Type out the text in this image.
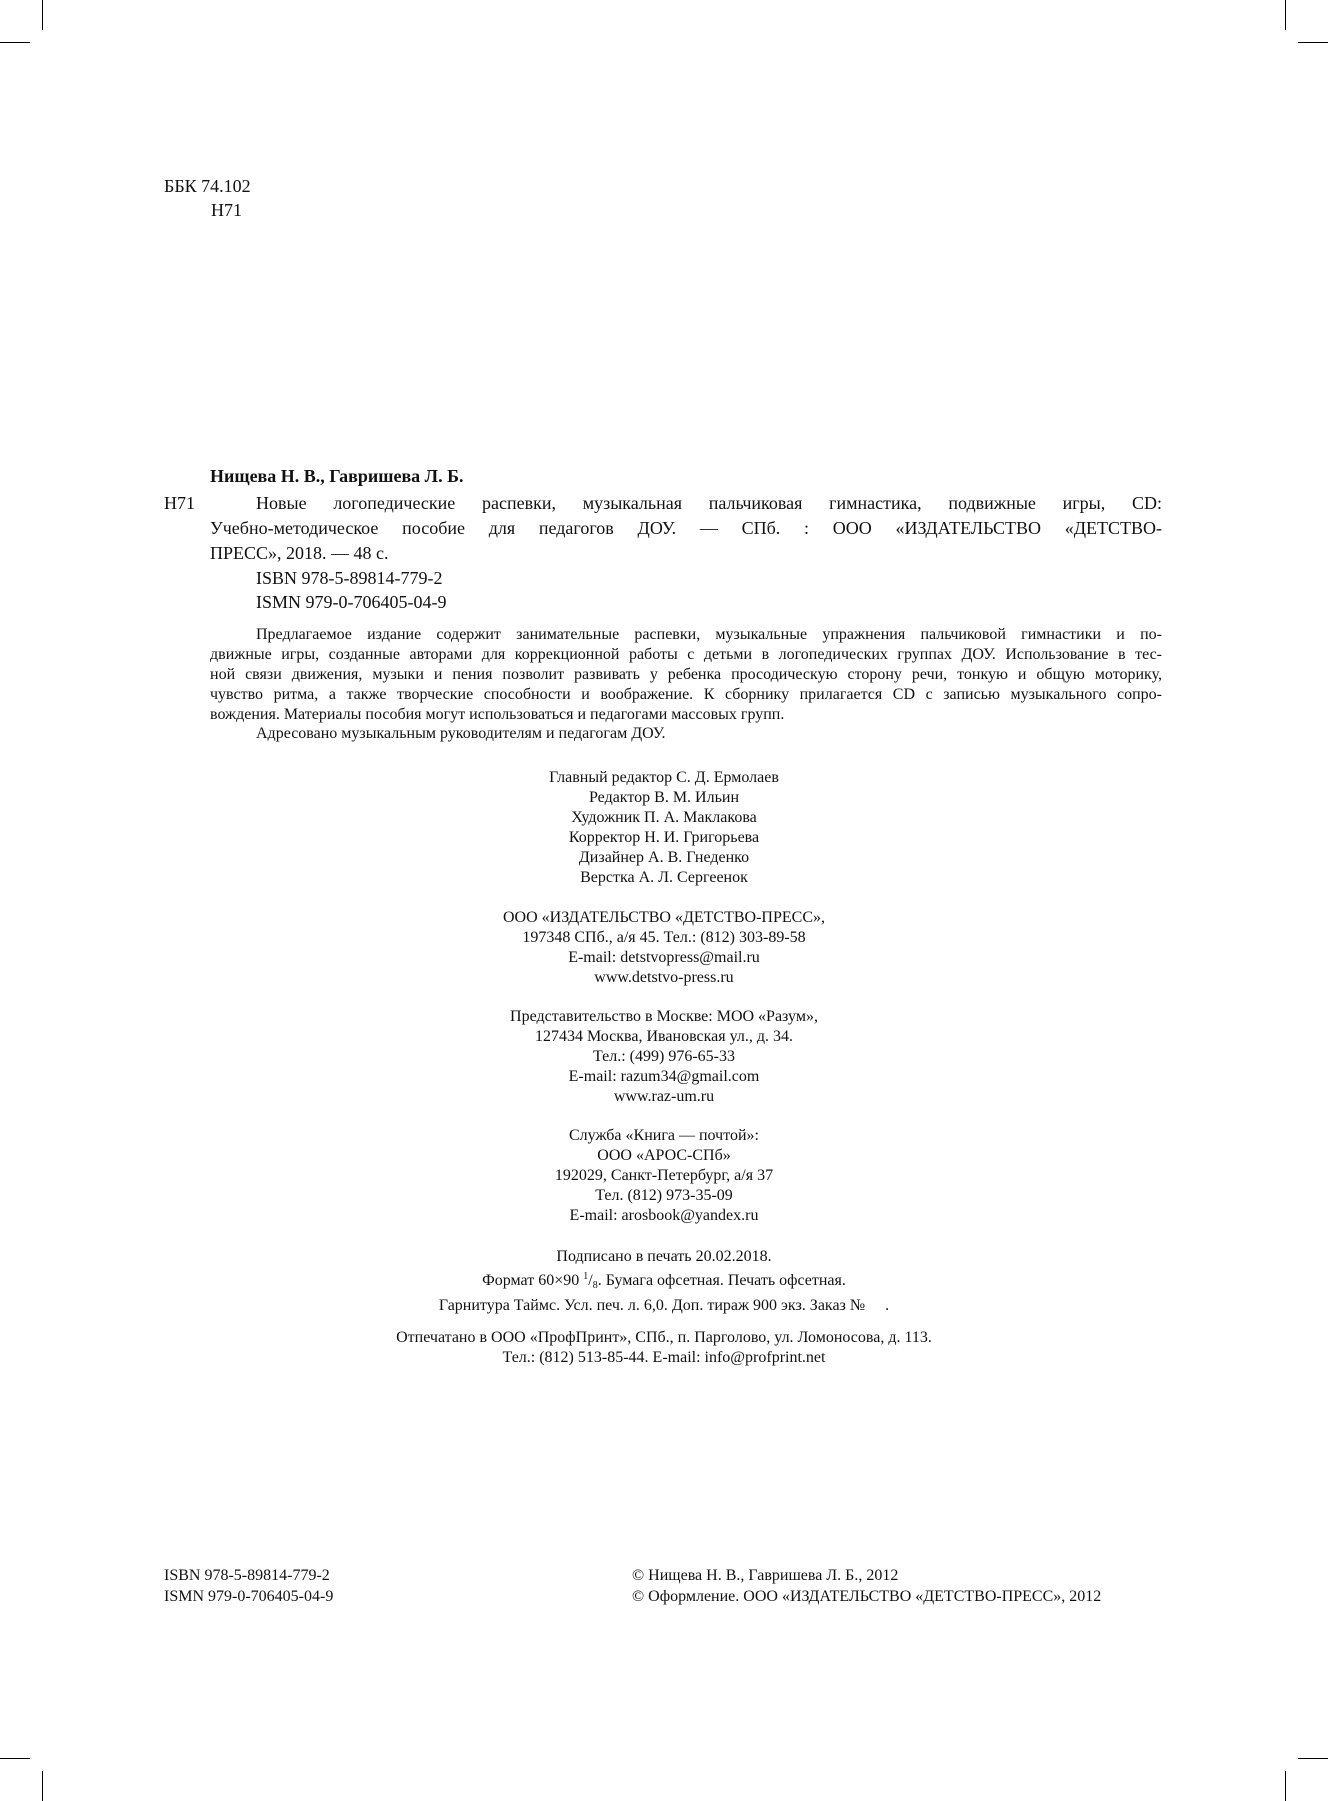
ББК 74.102
Н71
Нищева Н. В., Гавришева Л. Б.
Н71	Новые логопедические распевки, музыкальная пальчиковая гимнастика, подвижные игры, CD:
Учебно-методическое пособие для педагогов ДОУ. — СПб. : ООО «ИЗДАТЕЛЬСТВО «ДЕТСТВО-
ПРЕСС», 2018. — 48 с.
ISBN 978-5-89814-779-2
ISMN 979-0-706405-04-9
Предлагаемое издание содержит занимательные распевки, музыкальные упражнения пальчиковой гимнастики и по-
движные игры, созданные авторами для коррекционной работы с детьми в логопедических группах ДОУ. Использование в тес-
ной связи движения, музыки и пения позволит развивать у ребенка просодическую сторону речи, тонкую и общую моторику,
чувство ритма, а также творческие способности и воображение. К сборнику прилагается CD с записью музыкального сопро-
вождения. Материалы пособия могут использоваться и педагогами массовых групп.
Адресовано музыкальным руководителям и педагогам ДОУ.
Главный редактор С. Д. Ермолаев
Редактор В. М. Ильин
Художник П. А. Маклакова
Корректор Н. И. Григорьева
Дизайнер А. В. Гнеденко
Верстка А. Л. Сергеенок
ООО «ИЗДАТЕЛЬСТВО «ДЕТСТВО-ПРЕСС»,
197348 СПб., а/я 45. Тел.: (812) 303-89-58
E-mail: detstvopress@mail.ru
www.detstvo-press.ru
Представительство в Москве: МОО «Разум»,
127434 Москва, Ивановская ул., д. 34.
Тел.: (499) 976-65-33
E-mail: razum34@gmail.com
www.raz-um.ru
Служба «Книга — почтой»:
ООО «АРОС-СПб»
192029, Санкт-Петербург, а/я 37
Тел. (812) 973-35-09
E-mail: arosbook@yandex.ru
Подписано в печать 20.02.2018.
Формат 60×90 $^1/_8$. Бумага офсетная. Печать офсетная.
Гарнитура Таймс. Усл. печ. л. 6,0. Доп. тираж 900 экз. Заказ №     .
Отпечатано в ООО «ПрофПринт», СПб., п. Парголово, ул. Ломоносова, д. 113.
Тел.: (812) 513-85-44. E-mail: info@profprint.net
ISBN 978-5-89814-779-2
ISMN 979-0-706405-04-9
© Нищева Н. В., Гавришева Л. Б., 2012
© Оформление. ООО «ИЗДАТЕЛЬСТВО «ДЕТСТВО-ПРЕСС», 2012
